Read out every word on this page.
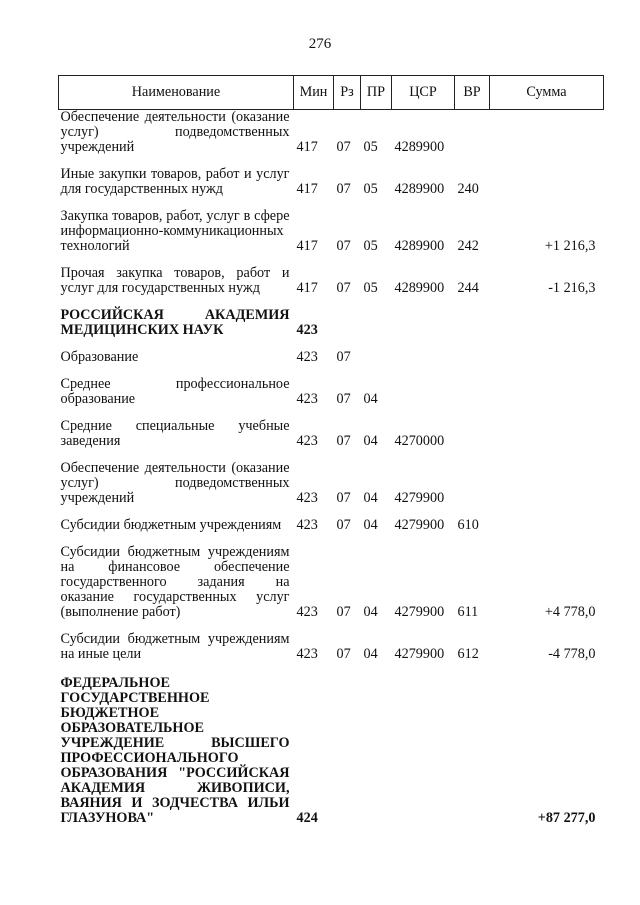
276
Наименование	Мин	Рз	ПР	ЦСР	ВР	Сумма
Обеспечение деятельности (оказание услуг) подведомственных учреждений	417	07	05	4289900		
Иные закупки товаров, работ и услуг для государственных нужд	417	07	05	4289900	240	
Закупка товаров, работ, услуг в сфере информационно-коммуникационных технологий	417	07	05	4289900	242	+1 216,3
Прочая закупка товаров, работ и услуг для государственных нужд	417	07	05	4289900	244	-1 216,3
РОССИЙСКАЯ АКАДЕМИЯ МЕДИЦИНСКИХ НАУК	423					
Образование	423	07				
Среднее профессиональное образование	423	07	04			
Средние специальные учебные заведения	423	07	04	4270000		
Обеспечение деятельности (оказание услуг) подведомственных учреждений	423	07	04	4279900		
Субсидии бюджетным учреждениям	423	07	04	4279900	610	
Субсидии бюджетным учреждениям на финансовое обеспечение государственного задания на оказание государственных услуг (выполнение работ)	423	07	04	4279900	611	+4 778,0
Субсидии бюджетным учреждениям на иные цели	423	07	04	4279900	612	-4 778,0
ФЕДЕРАЛЬНОЕ ГОСУДАРСТВЕННОЕ БЮДЖЕТНОЕ ОБРАЗОВАТЕЛЬНОЕ УЧРЕЖДЕНИЕ ВЫСШЕГО ПРОФЕССИОНАЛЬНОГО ОБРАЗОВАНИЯ "РОССИЙСКАЯ АКАДЕМИЯ ЖИВОПИСИ, ВАЯНИЯ И ЗОДЧЕСТВА ИЛЬИ ГЛАЗУНОВА"	424					+87 277,0
